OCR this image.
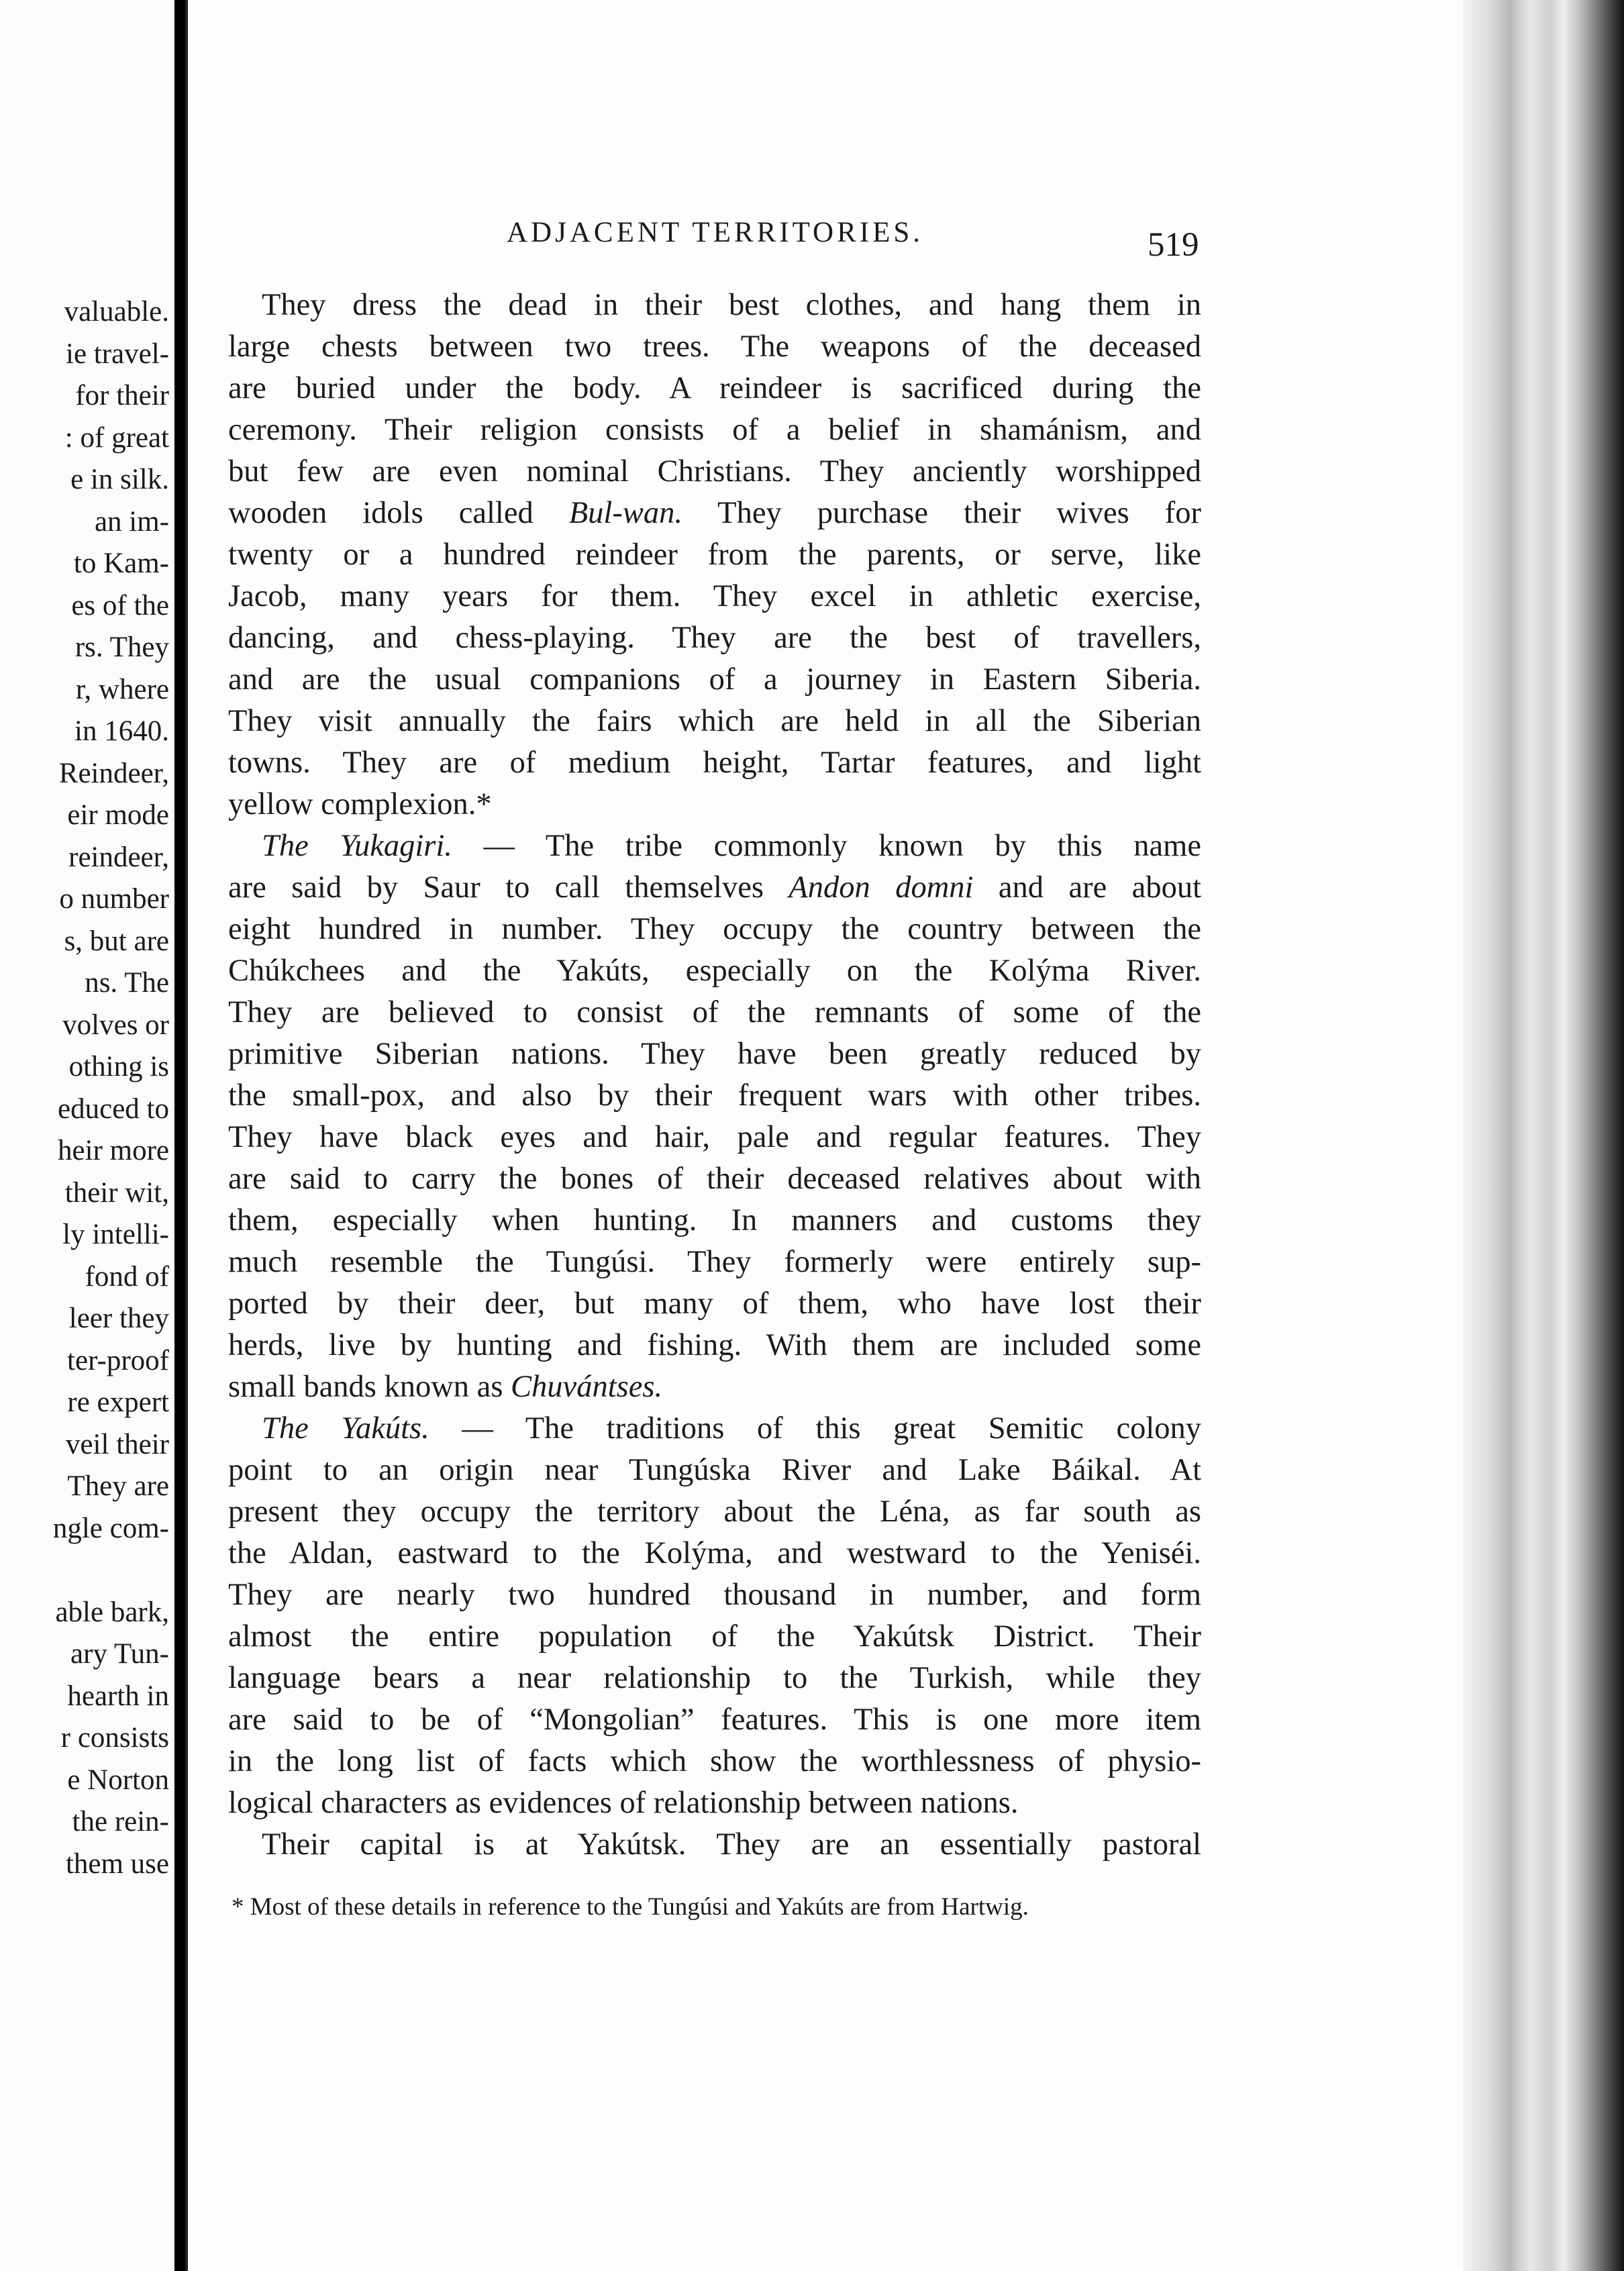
valuable.
ie travel-
for their
: of great
e in silk.
an im-
to Kam-
es of the
rs. They
r, where
in 1640.
Reindeer,
eir mode
reindeer,
o number
s, but are
ns. The
volves or
othing is
educed to
heir more
their wit,
ly intelli-
fond of
leer they
ter-proof
re expert
veil their
They are
ngle com-
able bark,
ary Tun-
hearth in
r consists
e Norton
the rein-
them use
ADJACENT TERRITORIES.	519
They dress the dead in their best clothes, and hang them in
large chests between two trees. The weapons of the deceased
are buried under the body. A reindeer is sacrificed during the
ceremony. Their religion consists of a belief in shamánism, and
but few are even nominal Christians. They anciently worshipped
wooden idols called Bul-wan. They purchase their wives for
twenty or a hundred reindeer from the parents, or serve, like
Jacob, many years for them. They excel in athletic exercise,
dancing, and chess-playing. They are the best of travellers,
and are the usual companions of a journey in Eastern Siberia.
They visit annually the fairs which are held in all the Siberian
towns. They are of medium height, Tartar features, and light
yellow complexion.*
The Yukagiri. — The tribe commonly known by this name
are said by Saur to call themselves Andon domni and are about
eight hundred in number. They occupy the country between the
Chúkchees and the Yakúts, especially on the Kolýma River.
They are believed to consist of the remnants of some of the
primitive Siberian nations. They have been greatly reduced by
the small-pox, and also by their frequent wars with other tribes.
They have black eyes and hair, pale and regular features. They
are said to carry the bones of their deceased relatives about with
them, especially when hunting. In manners and customs they
much resemble the Tungúsi. They formerly were entirely sup-
ported by their deer, but many of them, who have lost their
herds, live by hunting and fishing. With them are included some
small bands known as Chuvántses.
The Yakúts. — The traditions of this great Semitic colony
point to an origin near Tungúska River and Lake Báikal. At
present they occupy the territory about the Léna, as far south as
the Aldan, eastward to the Kolýma, and westward to the Yeniséi.
They are nearly two hundred thousand in number, and form
almost the entire population of the Yakútsk District. Their
language bears a near relationship to the Turkish, while they
are said to be of “Mongolian” features. This is one more item
in the long list of facts which show the worthlessness of physio-
logical characters as evidences of relationship between nations.
Their capital is at Yakútsk. They are an essentially pastoral
* Most of these details in reference to the Tungúsi and Yakúts are from Hartwig.
